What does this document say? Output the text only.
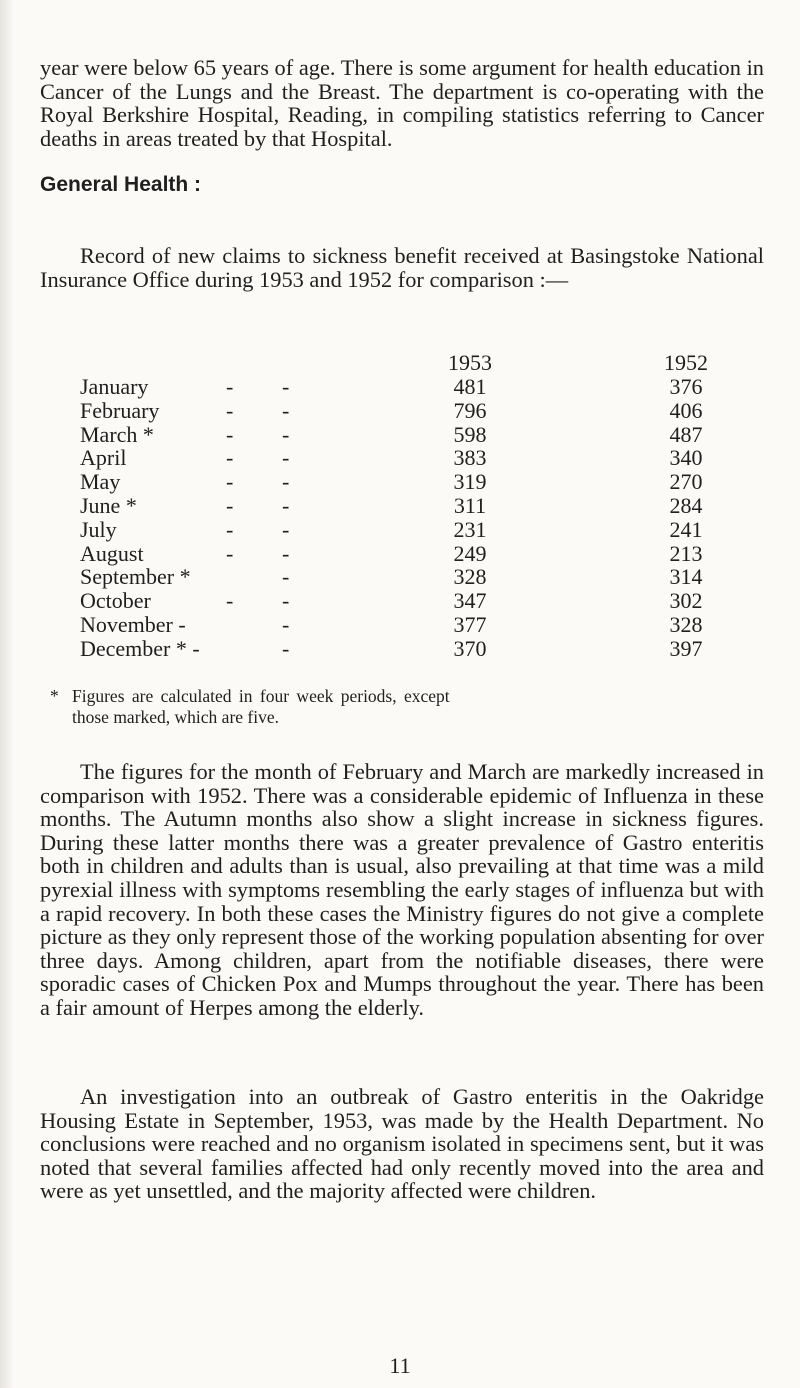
year were below 65 years of age. There is some argument for health education in Cancer of the Lungs and the Breast. The department is co-operating with the Royal Berkshire Hospital, Reading, in compiling statistics referring to Cancer deaths in areas treated by that Hospital.

General Health :

Record of new claims to sickness benefit received at Basingstoke National Insurance Office during 1953 and 1952 for comparison :—

1953	1952
January	- -	481	376
February	- -	796	406
March *	- -	598	487
April	- -	383	340
May	- -	319	270
June *	- -	311	284
July	- -	231	241
August	- -	249	213
September *	-	328	314
October	- -	347	302
November -	-	377	328
December * -	-	370	397
* Figures are calculated in four week periods, except
those marked, which are five.

The figures for the month of February and March are markedly increased in comparison with 1952. There was a considerable epidemic of Influenza in these months. The Autumn months also show a slight increase in sickness figures. During these latter months there was a greater prevalence of Gastro enteritis both in children and adults than is usual, also prevailing at that time was a mild pyrexial illness with symptoms resembling the early stages of influenza but with a rapid recovery. In both these cases the Ministry figures do not give a complete picture as they only represent those of the working population absenting for over three days. Among children, apart from the notifiable diseases, there were sporadic cases of Chicken Pox and Mumps throughout the year. There has been a fair amount of Herpes among the elderly.

An investigation into an outbreak of Gastro enteritis in the Oakridge Housing Estate in September, 1953, was made by the Health Department. No conclusions were reached and no organism isolated in specimens sent, but it was noted that several families affected had only recently moved into the area and were as yet unsettled, and the majority affected were children.

11
